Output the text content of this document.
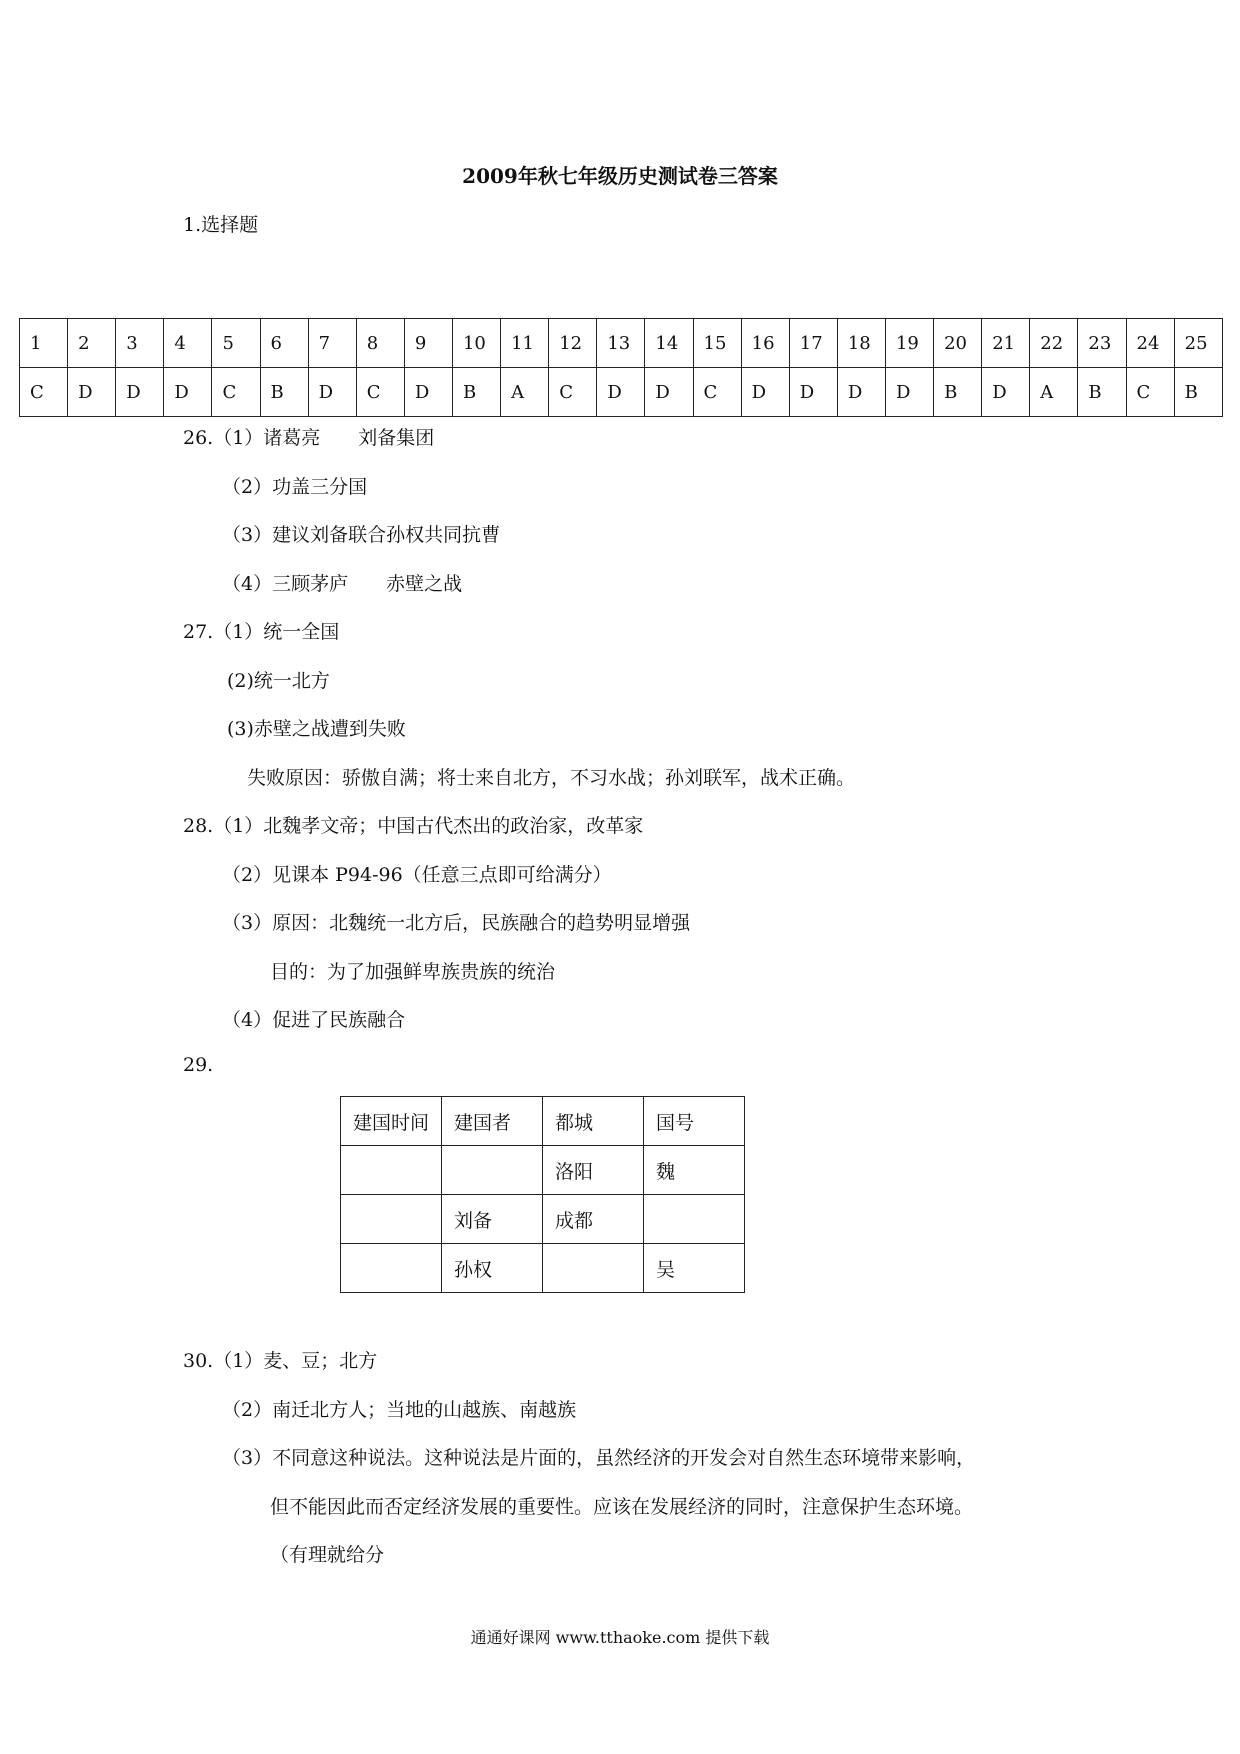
2009年秋七年级历史测试卷三答案
1.选择题
1	2	3	4	5	6	7	8	9	10	11	12	13	14	15	16	17	18	19	20	21	22	23	24	25
C	D	D	D	C	B	D	C	D	B	A	C	D	D	C	D	D	D	D	B	D	A	B	C	B
26.（1）诸葛亮　　刘备集团
（2）功盖三分国
（3）建议刘备联合孙权共同抗曹
（4）三顾茅庐　　赤壁之战
27.（1）统一全国
(2)统一北方
(3)赤壁之战遭到失败
失败原因：骄傲自满；将士来自北方，不习水战；孙刘联军，战术正确。
28.（1）北魏孝文帝；中国古代杰出的政治家，改革家
（2）见课本 P94-96（任意三点即可给满分）
（3）原因：北魏统一北方后，民族融合的趋势明显增强
目的：为了加强鲜卑族贵族的统治
（4）促进了民族融合
29.
建国时间	建国者	都城	国号
		洛阳	魏
	刘备	成都	
	孙权		吴
30.（1）麦、豆；北方
（2）南迁北方人；当地的山越族、南越族
（3）不同意这种说法。这种说法是片面的，虽然经济的开发会对自然生态环境带来影响，
但不能因此而否定经济发展的重要性。应该在发展经济的同时，注意保护生态环境。
（有理就给分
通通好课网 www.tthaoke.com 提供下载
